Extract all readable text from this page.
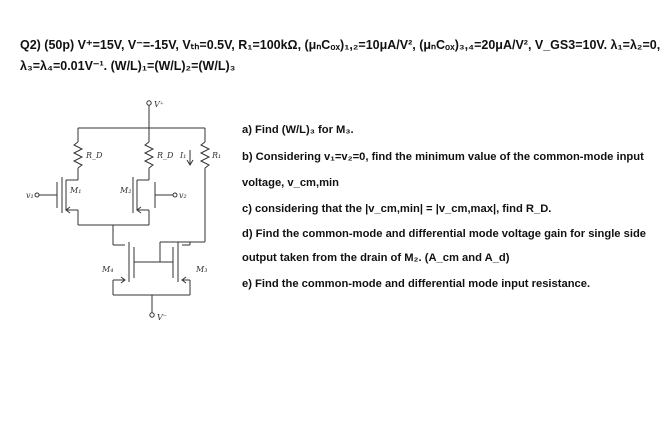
Q2) (50p) V⁺=15V, V⁻=-15V, Vₜₕ=0.5V, R₁=100kΩ, (μₙCₒₓ)₁,₂=10μA/V², (μₙCₒₓ)₃,₄=20μA/V², V_GS3=10V. λ₁=λ₂=0,
λ₃=λ₄=0.01V⁻¹. (W/L)₁=(W/L)₂=(W/L)₃
V⁺
R_D	R_D	R₁
I₁
M₁	M₂
v₁	v₂
M₄	M₃
V⁻
a) Find (W/L)₃ for M₃.
b) Considering v₁=v₂=0, find the minimum value of the common-mode input
voltage, v_cm,min
c) considering that the |v_cm,min| = |v_cm,max|, find R_D.
d) Find the common-mode and differential mode voltage gain for single side
output taken from the drain of M₂. (A_cm and A_d)
e) Find the common-mode and differential mode input resistance.
